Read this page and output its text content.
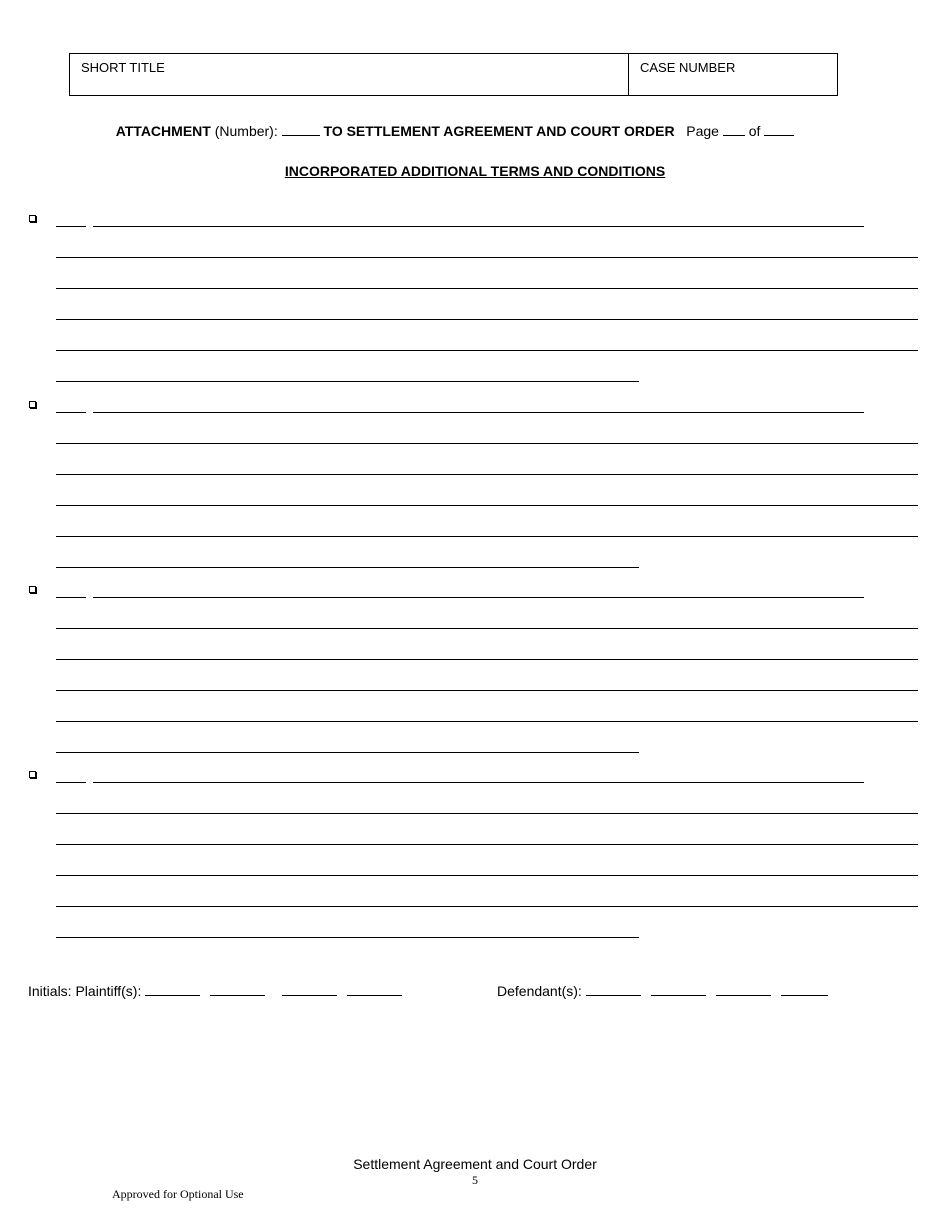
SHORT TITLE	CASE NUMBER
ATTACHMENT (Number):	TO SETTLEMENT AGREEMENT AND COURT ORDER Page of
INCORPORATED ADDITIONAL TERMS AND CONDITIONS
Initials: Plaintiff(s):	Defendant(s):
Settlement Agreement and Court Order
5
Approved for Optional Use
